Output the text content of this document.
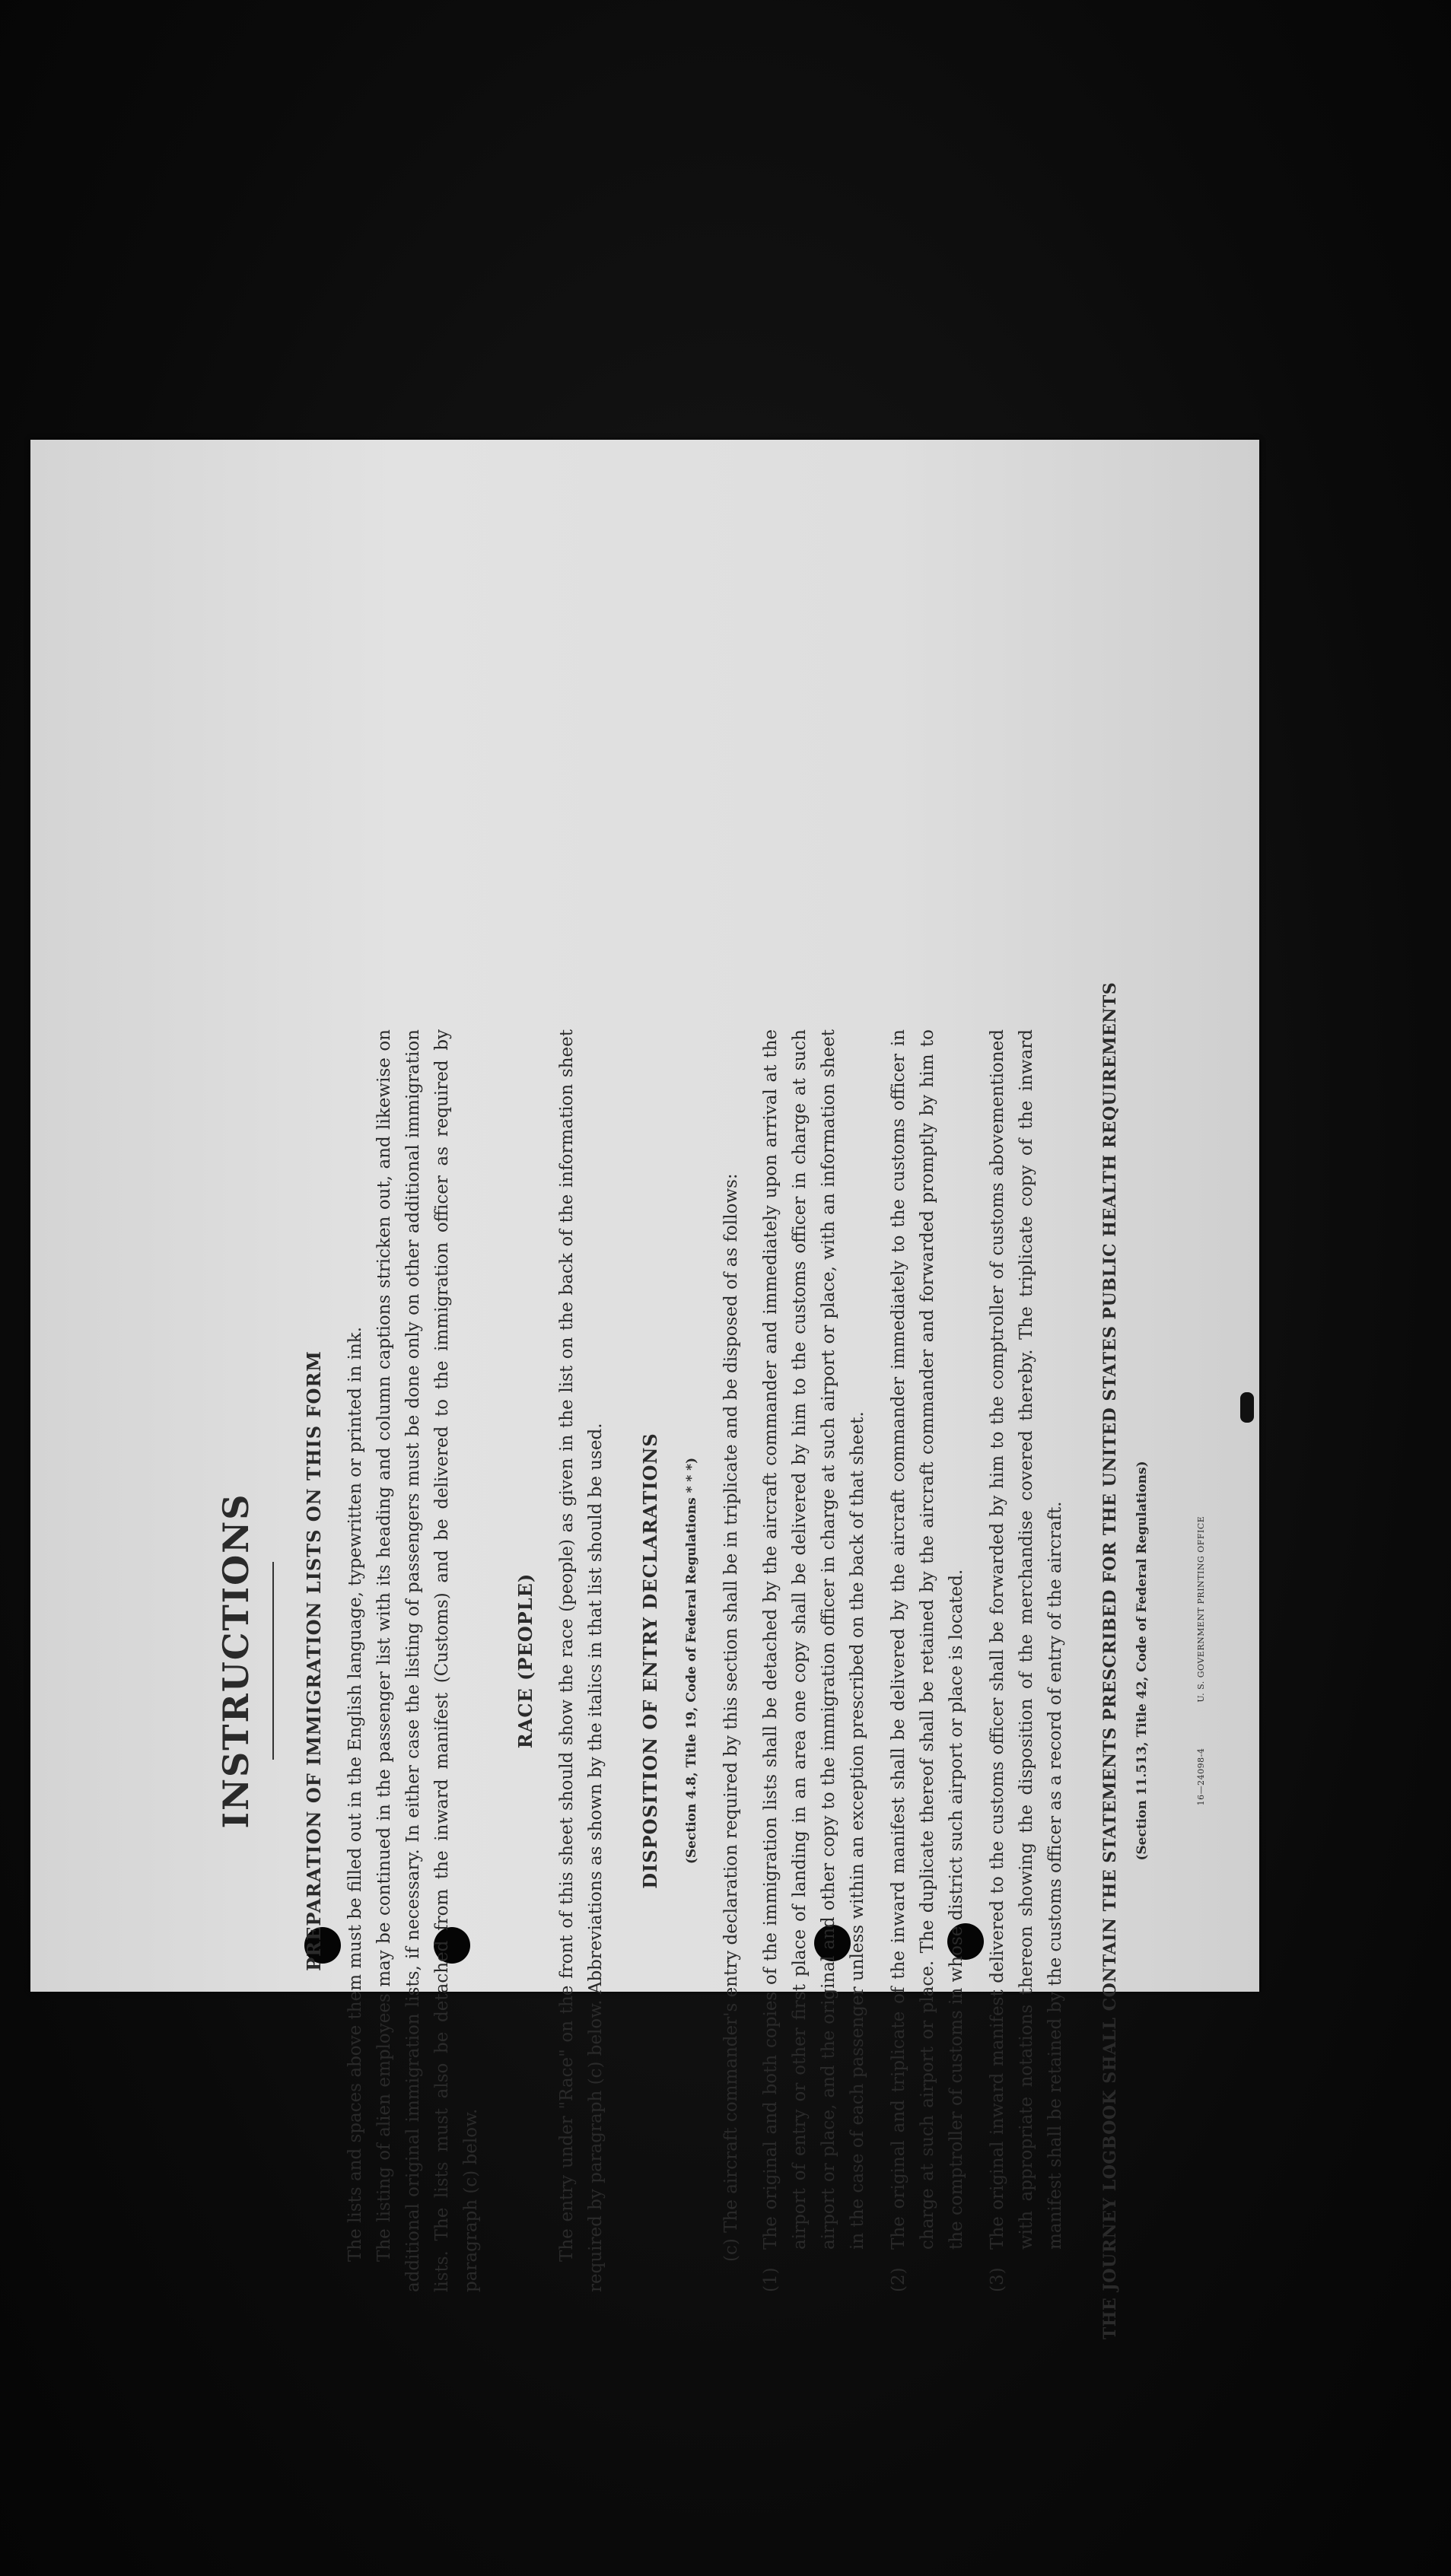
INSTRUCTIONS	PREPARATION OF IMMIGRATION LISTS ON THIS FORM The lists and spaces above them must be filled out in the English language, typewritten or printed in ink. The listing of alien employees may be continued in the passenger list with its heading and column captions stricken out, and likewise on additional original immigration lists, if necessary. In either case the listing of passengers must be done only on other additional immigration lists. The lists must also be detached from the inward manifest (Customs) and be delivered to the immigration officer as required by paragraph (c) below.
RACE (PEOPLE) The entry under "Race" on the front of this sheet should show the race (people) as given in the list on the back of the information sheet required by paragraph (c) below. Abbreviations as shown by the italics in that list should be used. DISPOSITION OF ENTRY DECLARATIONS	(Section 4.8, Title 19, Code of Federal Regulations * * *)	(c) The aircraft commander's entry declaration required by this section shall be in triplicate and be disposed of as follows:
(1)
The original and both copies of the immigration lists shall be detached by the aircraft commander and immediately upon arrival at the airport of entry or other first place of landing in an area one copy shall be delivered by him to the customs officer in charge at such airport or place, and the original and other copy to the immigration officer in charge at such airport or place, with an information sheet in the case of each passenger unless within an exception prescribed on the back of that sheet.
(2)
The original and triplicate of the inward manifest shall be delivered by the aircraft commander immediately to the customs officer in charge at such airport or place. The duplicate thereof shall be retained by the aircraft commander and forwarded promptly by him to the comptroller of customs in whose district such airport or place is located.
(3)
The original inward manifest delivered to the customs officer shall be forwarded by him to the comptroller of customs abovementioned with appropriate notations thereon showing the disposition of the merchandise covered thereby. The triplicate copy of the inward manifest shall be retained by the customs officer as a record of entry of the aircraft. THE JOURNEY LOGBOOK SHALL CONTAIN THE STATEMENTS PRESCRIBED FOR THE UNITED STATES PUBLIC HEALTH REQUIREMENTS	(Section 11.513, Title 42, Code of Federal Regulations)	16—24098-4
U. S. GOVERNMENT PRINTING OFFICE
